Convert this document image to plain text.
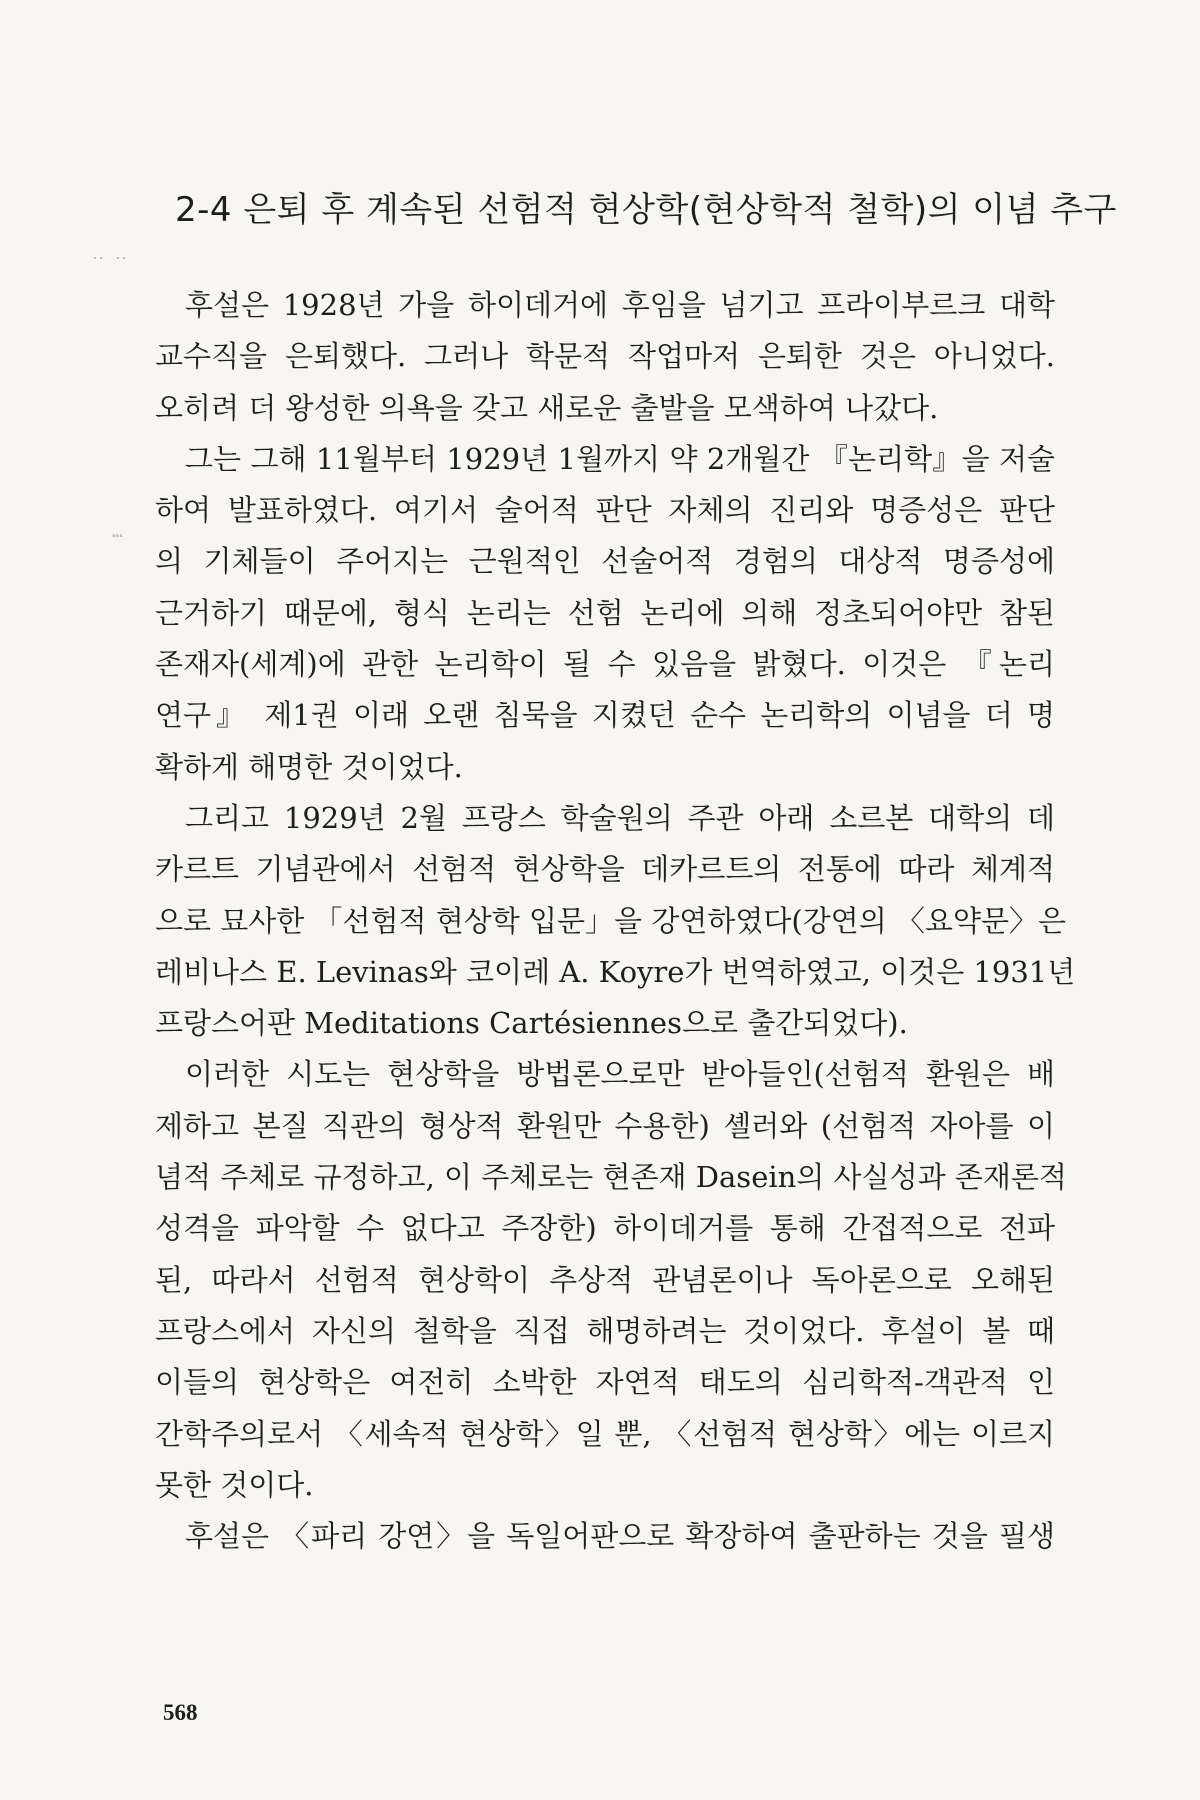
‥ ‥
…
2-4 은퇴 후 계속된 선험적 현상학(현상학적 철학)의 이념 추구
후설은 1928년 가을 하이데거에 후임을 넘기고 프라이부르크 대학
교수직을 은퇴했다. 그러나 학문적 작업마저 은퇴한 것은 아니었다.
오히려 더 왕성한 의욕을 갖고 새로운 출발을 모색하여 나갔다.
그는 그해 11월부터 1929년 1월까지 약 2개월간 『논리학』을 저술
하여 발표하였다. 여기서 술어적 판단 자체의 진리와 명증성은 판단
의 기체들이 주어지는 근원적인 선술어적 경험의 대상적 명증성에
근거하기 때문에, 형식 논리는 선험 논리에 의해 정초되어야만 참된
존재자(세계)에 관한 논리학이 될 수 있음을 밝혔다. 이것은 『논리
연구』 제1권 이래 오랜 침묵을 지켰던 순수 논리학의 이념을 더 명
확하게 해명한 것이었다.
그리고 1929년 2월 프랑스 학술원의 주관 아래 소르본 대학의 데
카르트 기념관에서 선험적 현상학을 데카르트의 전통에 따라 체계적
으로 묘사한 「선험적 현상학 입문」을 강연하였다(강연의 〈요약문〉은
레비나스 E. Levinas와 코이레 A. Koyre가 번역하였고, 이것은 1931년
프랑스어판 Meditations Cartésiennes으로 출간되었다).
이러한 시도는 현상학을 방법론으로만 받아들인(선험적 환원은 배
제하고 본질 직관의 형상적 환원만 수용한) 셸러와 (선험적 자아를 이
념적 주체로 규정하고, 이 주체로는 현존재 Dasein의 사실성과 존재론적
성격을 파악할 수 없다고 주장한) 하이데거를 통해 간접적으로 전파
된, 따라서 선험적 현상학이 추상적 관념론이나 독아론으로 오해된
프랑스에서 자신의 철학을 직접 해명하려는 것이었다. 후설이 볼 때
이들의 현상학은 여전히 소박한 자연적 태도의 심리학적-객관적 인
간학주의로서 〈세속적 현상학〉일 뿐, 〈선험적 현상학〉에는 이르지
못한 것이다.
후설은 〈파리 강연〉을 독일어판으로 확장하여 출판하는 것을 필생
568
